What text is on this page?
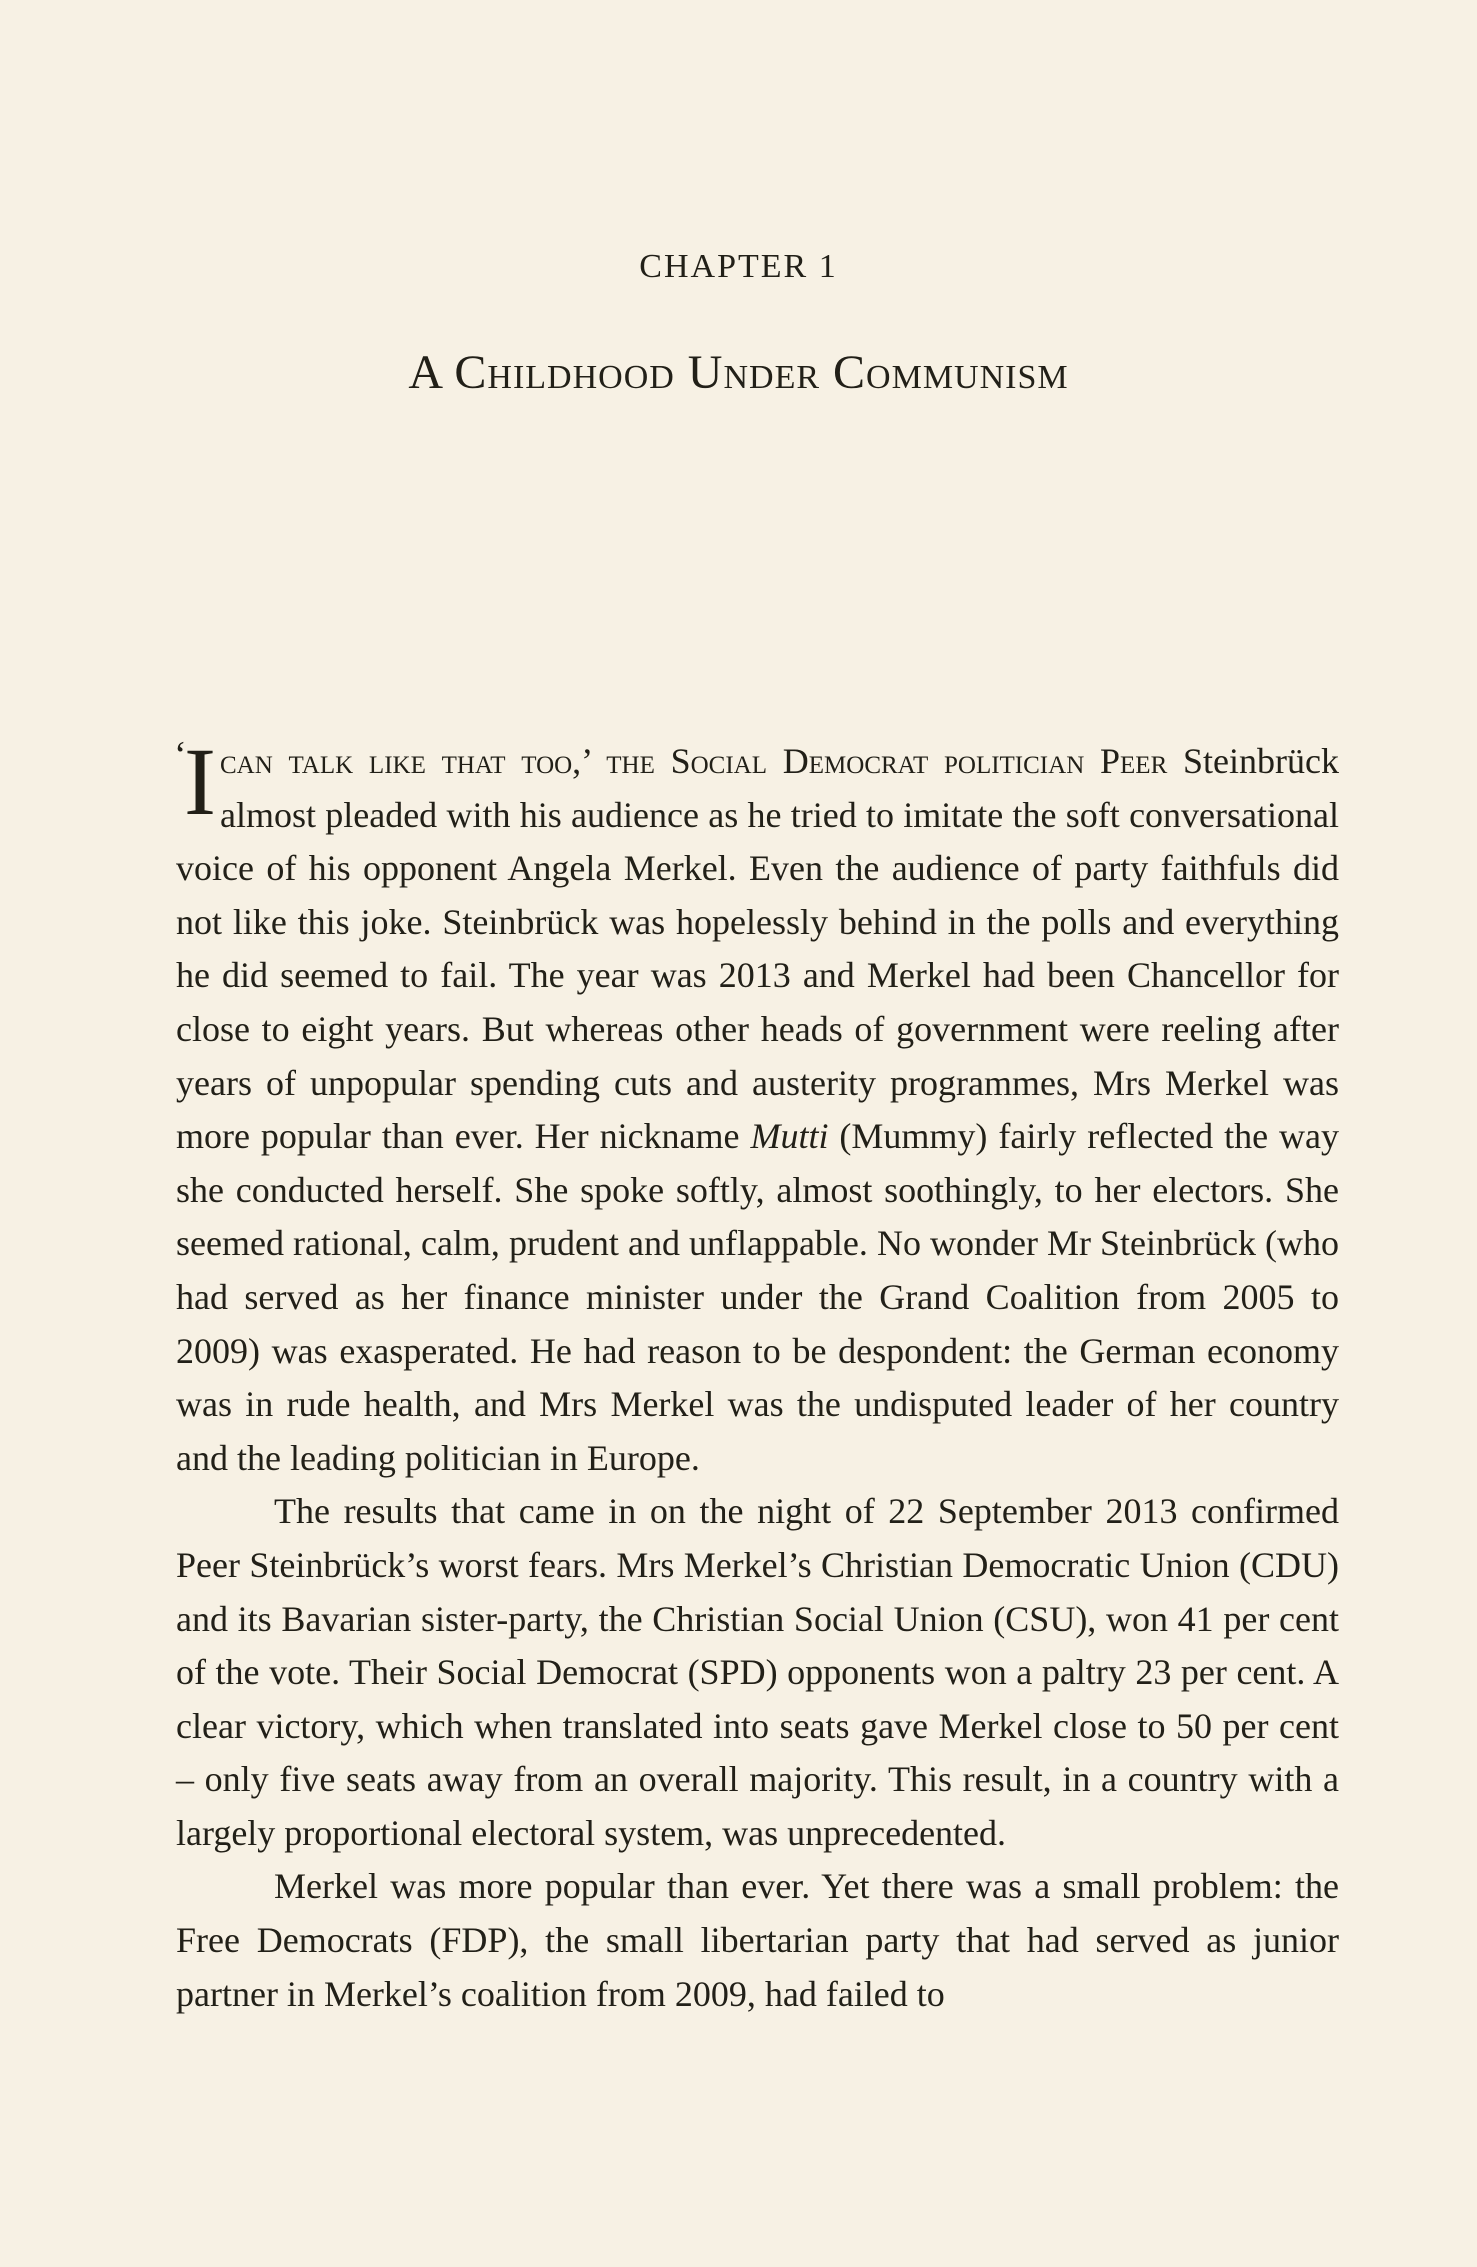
CHAPTER 1
A Childhood Under Communism
‘

Ican talk like that too,’ the Social Democrat politician Peer Steinbrück almost pleaded with his audience as he tried to imitate the soft conversational voice of his opponent Angela Merkel. Even the audience of party faithfuls did not like this joke. Steinbrück was hopelessly behind in the polls and everything he did seemed to fail. The year was 2013 and Merkel had been Chancellor for close to eight years. But whereas other heads of government were reeling after years of unpopular spending cuts and austerity programmes, Mrs Merkel was more popular than ever. Her nickname Mutti (Mummy) fairly reflected the way she conducted herself. She spoke softly, almost soothingly, to her electors. She seemed rational, calm, prudent and unflappable. No wonder Mr Steinbrück (who had served as her finance minister under the Grand Coalition from 2005 to 2009) was exasperated. He had reason to be despondent: the German economy was in rude health, and Mrs Merkel was the undisputed leader of her country and the leading politician in Europe.

The results that came in on the night of 22 September 2013 confirmed Peer Steinbrück’s worst fears. Mrs Merkel’s Christian Democratic Union (CDU) and its Bavarian sister-party, the Christian Social Union (CSU), won 41 per cent of the vote. Their Social Democrat (SPD) opponents won a paltry 23 per cent. A clear victory, which when translated into seats gave Merkel close to 50 per cent – only five seats away from an overall majority. This result, in a country with a largely proportional electoral system, was unprecedented.

Merkel was more popular than ever. Yet there was a small problem: the Free Democrats (FDP), the small libertarian party that had served as junior partner in Merkel’s coalition from 2009, had failed to
